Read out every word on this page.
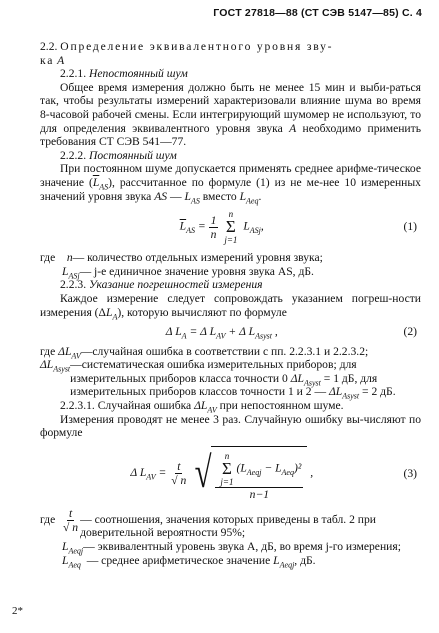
ГОСТ 27818—88 (СТ СЭВ 5147—85) С. 4

2.2. Определение эквивалентного уровня зву-
ка A

2.2.1. Непостоянный шум

Общее время измерения должно быть не менее 15 мин и выби-раться так, чтобы результаты измерений характеризовали влияние шума во время 8-часовой рабочей смены. Если интегрирующий шумомер не используют, то для определения эквивалентного уровня звука A необходимо применить требования СТ СЭВ 541—77.

2.2.2. Постоянный шум

При постоянном шуме допускается применять среднее арифме-тическое значение $(\overline{L}_{AS})$, рассчитанное по формуле (1) из не ме-нее 10 измеренных значений уровня звука AS — $L_{AS}$ вместо $L_{Aeq}$.

$\overline{L}_{AS} = \frac{1}{n}$
n
Σ
j=1
$L_{ASj}$,	(1)
где n — количество отдельных измерений уровня звука;
$L_{ASj}$ — j-е единичное значение уровня звука AS, дБ.

2.2.3. Указание погрешностей измерения

Каждое измерение следует сопровождать указанием погреш-ности измерения $(\Delta L_A)$, которую вычисляют по формуле

Δ $L_A = \Delta$ $L_{AV} + \Delta$ $L_{Asyst}$ ,	(2)
где $\Delta L_{AV}$ —случайная ошибка в соответствии с пп. 2.2.3.1 и 2.2.3.2;
$\Delta L_{Asyst}$ —систематическая ошибка измерительных приборов; для измерительных приборов класса точности 0 $\Delta L_{Asyst} = 1$ дБ, для измерительных приборов классов точности 1 и 2 — $\Delta L_{Asyst} = 2$ дБ.

2.2.3.1. Случайная ошибка $\Delta L_{AV}$ при непостоянном шуме.

Измерения проводят не менее 3 раз. Случайную ошибку вы-числяют по формуле

Δ $L_{AV} = \frac{t}{√ n}$
√ n
Σ
j=1
$(L_{Aeqj} - L_{Aeq})^2$
n−1 ,	(3)
где $\frac{t}{√ n}$ — соотношения, значения которых приведены в табл. 2 при доверительной вероятности 95%;
$L_{Aeqj}$ — эквивалентный уровень звука A, дБ, во время j-го измерения;
$L_{Aeq}$ — среднее арифметическое значение $L_{Aeqj}$, дБ.
2*
